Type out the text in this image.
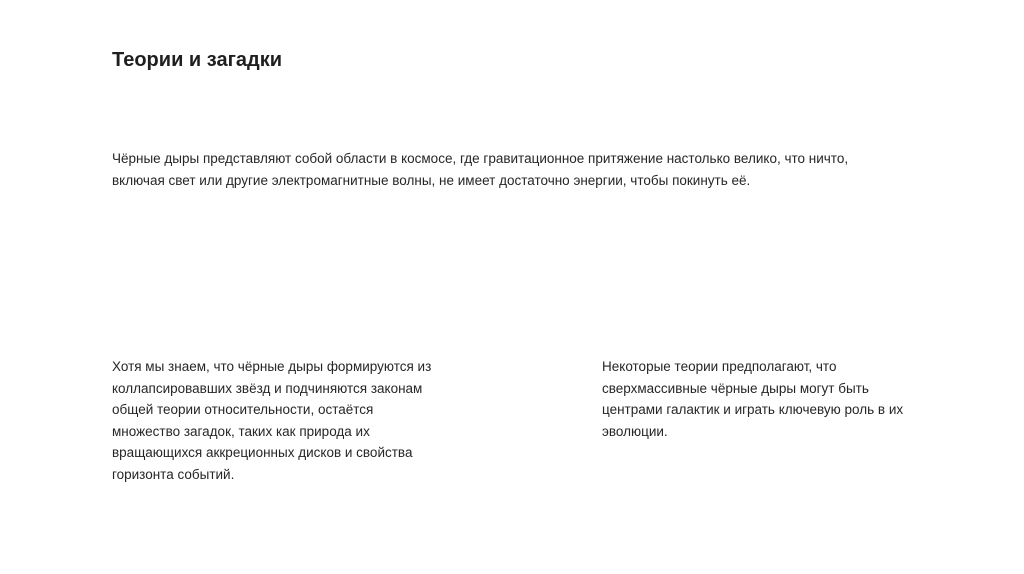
Теории и загадки

Чёрные дыры представляют собой области в космосе, где гравитационное притяжение настолько велико, что ничто,
включая свет или другие электромагнитные волны, не имеет достаточно энергии, чтобы покинуть её.

Хотя мы знаем, что чёрные дыры формируются из
коллапсировавших звёзд и подчиняются законам
общей теории относительности, остаётся
множество загадок, таких как природа их
вращающихся аккреционных дисков и свойства
горизонта событий.

Некоторые теории предполагают, что
сверхмассивные чёрные дыры могут быть
центрами галактик и играть ключевую роль в их
эволюции.
